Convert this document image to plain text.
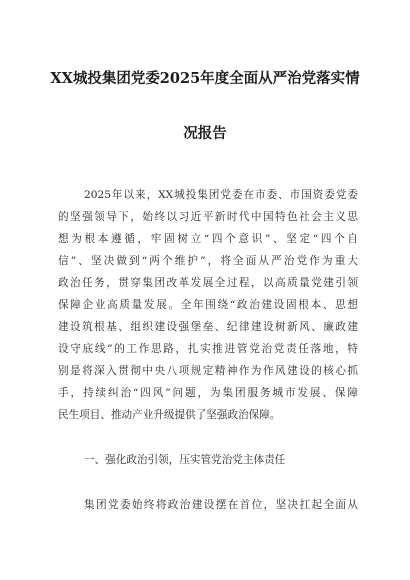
XX城投集团党委2025年度全面从严治党落实情
况报告
2025年以来，XX城投集团党委在市委、市国资委党委
的坚强领导下，始终以习近平新时代中国特色社会主义思
想为根本遵循，牢固树立“四个意识”、坚定“四个自
信”、坚决做到“两个维护”，将全面从严治党作为重大
政治任务，贯穿集团改革发展全过程，以高质量党建引领
保障企业高质量发展。全年围绕“政治建设固根本、思想
建设筑根基、组织建设强堡垒、纪律建设树新风、廉政建
设守底线”的工作思路，扎实推进管党治党责任落地，特
别是将深入贯彻中央八项规定精神作为作风建设的核心抓
手，持续纠治“四风”问题，为集团服务城市发展、保障
民生项目、推动产业升级提供了坚强政治保障。
一、强化政治引领，压实管党治党主体责任
集团党委始终将政治建设摆在首位，坚决扛起全面从
